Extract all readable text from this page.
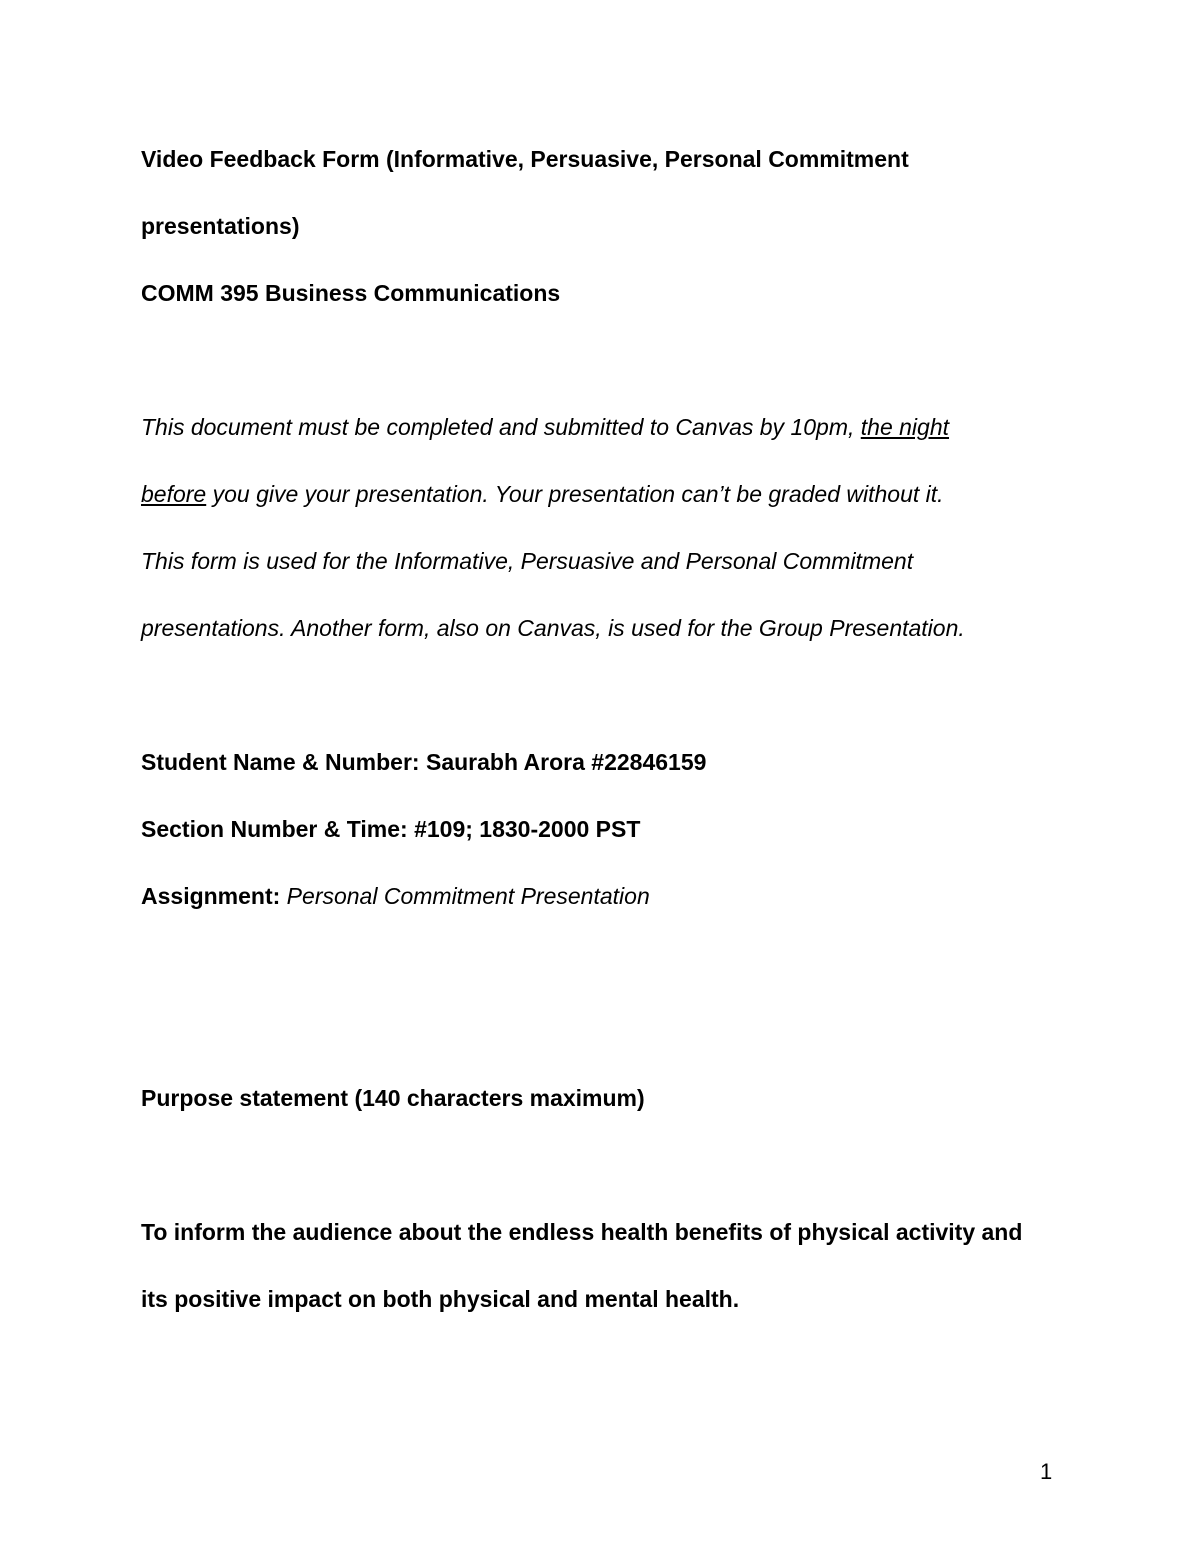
Video Feedback Form (Informative, Persuasive, Personal Commitment
presentations)
COMM 395 Business Communications
This document must be completed and submitted to Canvas by 10pm, the night
before you give your presentation. Your presentation can’t be graded without it.
This form is used for the Informative, Persuasive and Personal Commitment
presentations. Another form, also on Canvas, is used for the Group Presentation.
Student Name & Number: Saurabh Arora #22846159
Section Number & Time: #109; 1830-2000 PST
Assignment: Personal Commitment Presentation
Purpose statement (140 characters maximum)
To inform the audience about the endless health benefits of physical activity and
its positive impact on both physical and mental health.
1
